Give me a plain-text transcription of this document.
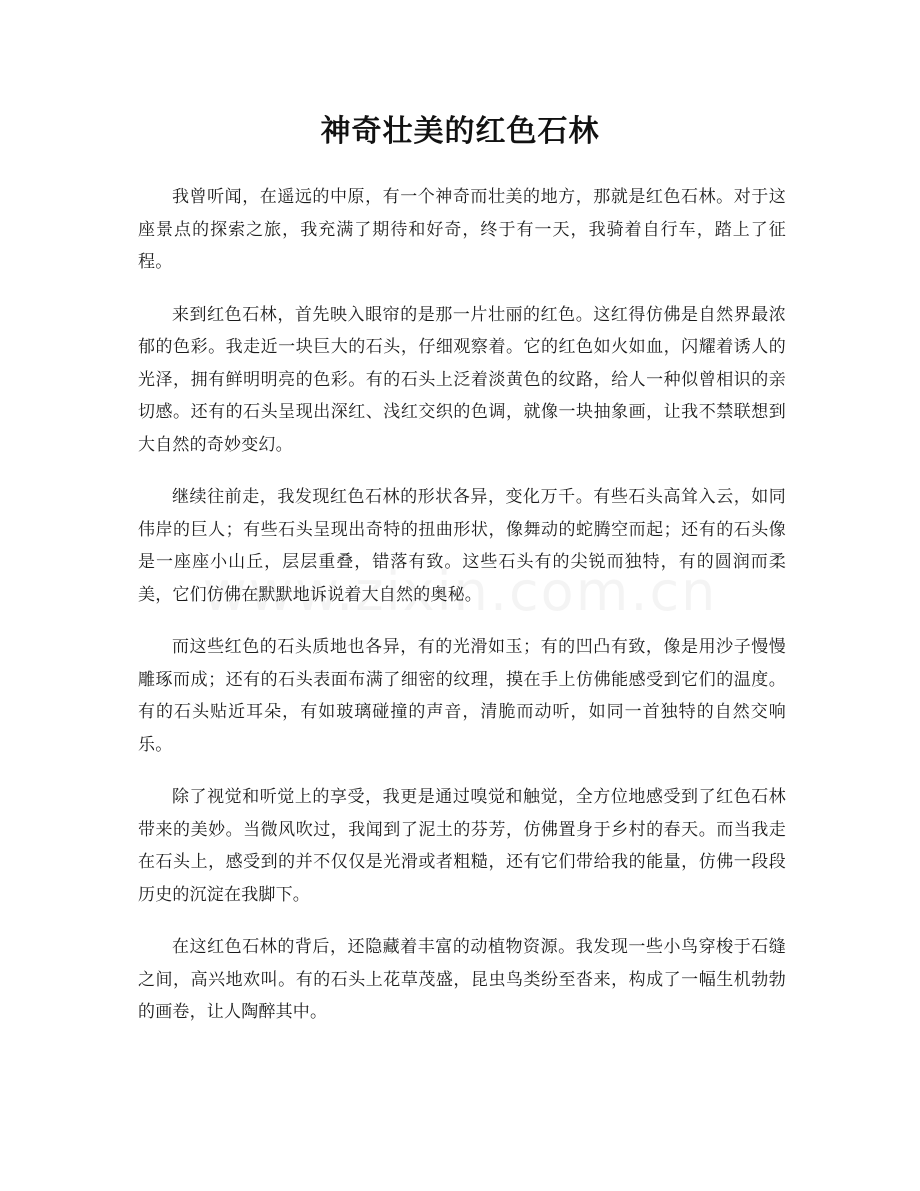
神奇壮美的红色石林

我曾听闻，在遥远的中原，有一个神奇而壮美的地方，那就是红色石林。对于这座景点的探索之旅，我充满了期待和好奇，终于有一天，我骑着自行车，踏上了征程。

来到红色石林，首先映入眼帘的是那一片壮丽的红色。这红得仿佛是自然界最浓郁的色彩。我走近一块巨大的石头，仔细观察着。它的红色如火如血，闪耀着诱人的光泽，拥有鲜明明亮的色彩。有的石头上泛着淡黄色的纹路，给人一种似曾相识的亲切感。还有的石头呈现出深红、浅红交织的色调，就像一块抽象画，让我不禁联想到大自然的奇妙变幻。

继续往前走，我发现红色石林的形状各异，变化万千。有些石头高耸入云，如同伟岸的巨人；有些石头呈现出奇特的扭曲形状，像舞动的蛇腾空而起；还有的石头像是一座座小山丘，层层重叠，错落有致。这些石头有的尖锐而独特，有的圆润而柔美，它们仿佛在默默地诉说着大自然的奥秘。

而这些红色的石头质地也各异，有的光滑如玉；有的凹凸有致，像是用沙子慢慢雕琢而成；还有的石头表面布满了细密的纹理，摸在手上仿佛能感受到它们的温度。有的石头贴近耳朵，有如玻璃碰撞的声音，清脆而动听，如同一首独特的自然交响乐。

除了视觉和听觉上的享受，我更是通过嗅觉和触觉，全方位地感受到了红色石林带来的美妙。当微风吹过，我闻到了泥土的芬芳，仿佛置身于乡村的春天。而当我走在石头上，感受到的并不仅仅是光滑或者粗糙，还有它们带给我的能量，仿佛一段段历史的沉淀在我脚下。

在这红色石林的背后，还隐藏着丰富的动植物资源。我发现一些小鸟穿梭于石缝之间，高兴地欢叫。有的石头上花草茂盛，昆虫鸟类纷至沓来，构成了一幅生机勃勃的画卷，让人陶醉其中。
